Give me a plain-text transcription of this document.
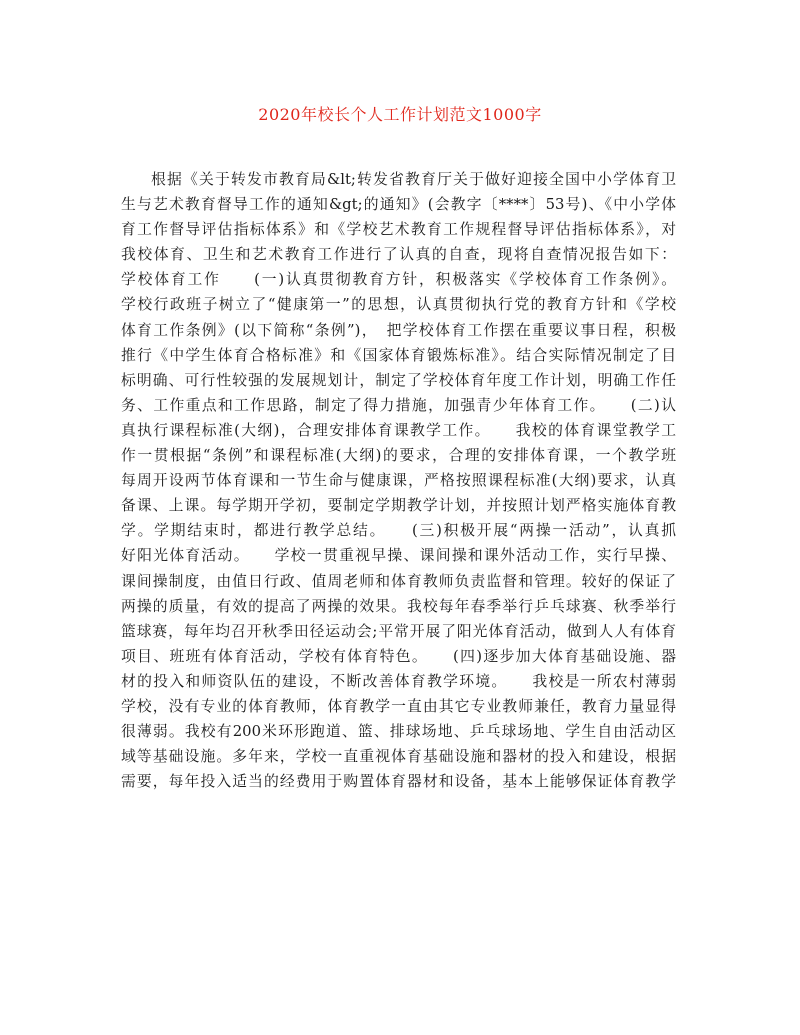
2020年校长个人工作计划范文1000字
根据《关于转发市教育局&lt;转发省教育厅关于做好迎接全国中小学体育卫
生与艺术教育督导工作的通知&gt;的通知》(会教字〔****〕53号)、《中小学体
育工作督导评估指标体系》和《学校艺术教育工作规程督导评估指标体系》，对
我校体育、卫生和艺术教育工作进行了认真的自查，现将自查情况报告如下：
学校体育工作　　(一)认真贯彻教育方针，积极落实《学校体育工作条例》。
学校行政班子树立了“健康第一”的思想，认真贯彻执行党的教育方针和《学校
体育工作条例》(以下简称“条例”)，　把学校体育工作摆在重要议事日程，积极
推行《中学生体育合格标准》和《国家体育锻炼标准》。结合实际情况制定了目
标明确、可行性较强的发展规划计，制定了学校体育年度工作计划，明确工作任
务、工作重点和工作思路，制定了得力措施，加强青少年体育工作。　　(二)认
真执行课程标准(大纲)，合理安排体育课教学工作。　　我校的体育课堂教学工
作一贯根据“条例”和课程标准(大纲)的要求，合理的安排体育课，一个教学班
每周开设两节体育课和一节生命与健康课，严格按照课程标准(大纲)要求，认真
备课、上课。每学期开学初，要制定学期教学计划，并按照计划严格实施体育教
学。学期结束时，都进行教学总结。　　(三)积极开展“两操一活动”，认真抓
好阳光体育活动。　　学校一贯重视早操、课间操和课外活动工作，实行早操、
课间操制度，由值日行政、值周老师和体育教师负责监督和管理。较好的保证了
两操的质量，有效的提高了两操的效果。我校每年春季举行乒乓球赛、秋季举行
篮球赛，每年均召开秋季田径运动会;平常开展了阳光体育活动，做到人人有体育
项目、班班有体育活动，学校有体育特色。　　(四)逐步加大体育基础设施、器
材的投入和师资队伍的建设，不断改善体育教学环境。　　我校是一所农村薄弱
学校，没有专业的体育教师，体育教学一直由其它专业教师兼任，教育力量显得
很薄弱。我校有200米环形跑道、篮、排球场地、乒乓球场地、学生自由活动区
域等基础设施。多年来，学校一直重视体育基础设施和器材的投入和建设，根据
需要，每年投入适当的经费用于购置体育器材和设备，基本上能够保证体育教学
